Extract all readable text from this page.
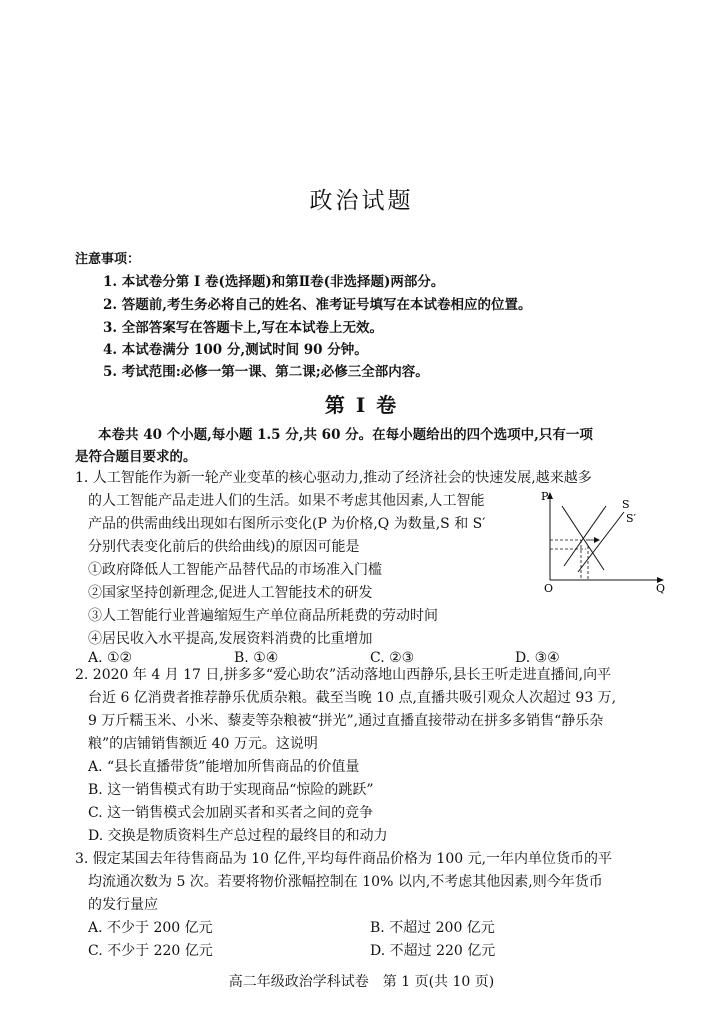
政治试题
注意事项：
1. 本试卷分第 Ⅰ 卷(选择题)和第Ⅱ卷(非选择题)两部分。
2. 答题前,考生务必将自己的姓名、准考证号填写在本试卷相应的位置。
3. 全部答案写在答题卡上,写在本试卷上无效。
4. 本试卷满分 100 分,测试时间 90 分钟。
5. 考试范围:必修一第一课、第二课;必修三全部内容。
第 Ⅰ 卷
本卷共 40 个小题,每小题 1.5 分,共 60 分。在每小题给出的四个选项中,只有一项
是符合题目要求的。
1. 人工智能作为新一轮产业变革的核心驱动力,推动了经济社会的快速发展,越来越多
的人工智能产品走进人们的生活。如果不考虑其他因素,人工智能
产品的供需曲线出现如右图所示变化(P 为价格,Q 为数量,S 和 S′
分别代表变化前后的供给曲线)的原因可能是
①政府降低人工智能产品替代品的市场准入门槛
②国家坚持创新理念,促进人工智能技术的研发
③人工智能行业普遍缩短生产单位商品所耗费的劳动时间
④居民收入水平提高,发展资料消费的比重增加
A. ①②	B. ①④	C. ②③	D. ③④
P
Q
O
S
S′
2. 2020 年 4 月 17 日,拼多多“爱心助农”活动落地山西静乐,县长王听走进直播间,向平
台近 6 亿消费者推荐静乐优质杂粮。截至当晚 10 点,直播共吸引观众人次超过 93 万,
9 万斤糯玉米、小米、藜麦等杂粮被“拼光”,通过直播直接带动在拼多多销售“静乐杂
粮”的店铺销售额近 40 万元。这说明
A. “县长直播带货”能增加所售商品的价值量
B. 这一销售模式有助于实现商品“惊险的跳跃”
C. 这一销售模式会加剧买者和买者之间的竞争
D. 交换是物质资料生产总过程的最终目的和动力
3. 假定某国去年待售商品为 10 亿件,平均每件商品价格为 100 元,一年内单位货币的平
均流通次数为 5 次。若要将物价涨幅控制在 10% 以内,不考虑其他因素,则今年货币
的发行量应
A. 不少于 200 亿元	B. 不超过 200 亿元
C. 不少于 220 亿元	D. 不超过 220 亿元
高二年级政治学科试卷　第 1 页(共 10 页)
